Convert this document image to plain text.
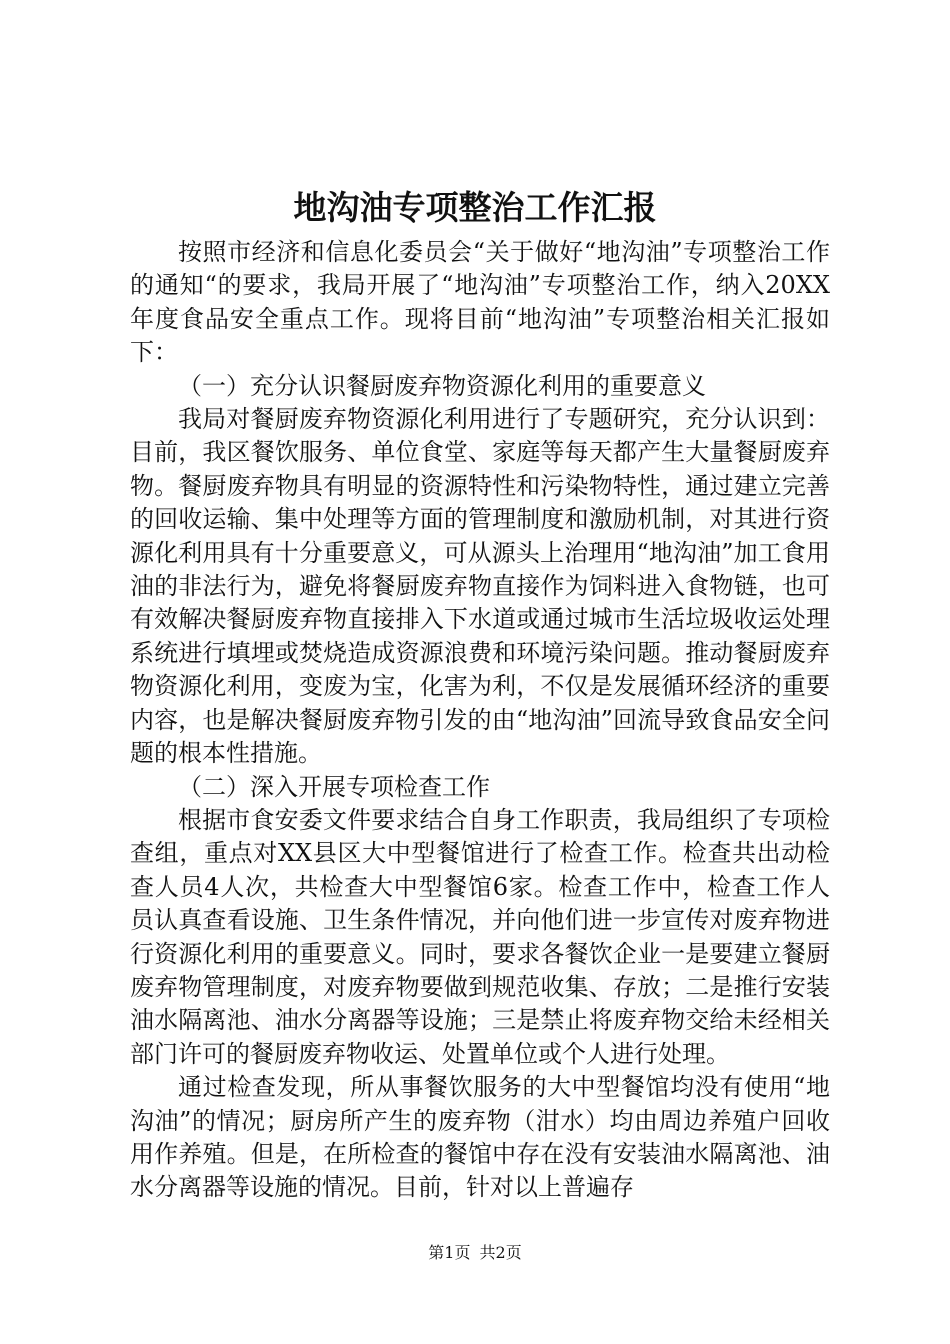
地沟油专项整治工作汇报

按照市经济和信息化委员会“关于做好“地沟油”专项整治工作的通知“的要求，我局开展了“地沟油”专项整治工作，纳入20XX年度食品安全重点工作。现将目前“地沟油”专项整治相关汇报如下：

（一）充分认识餐厨废弃物资源化利用的重要意义

我局对餐厨废弃物资源化利用进行了专题研究，充分认识到：目前，我区餐饮服务、单位食堂、家庭等每天都产生大量餐厨废弃物。餐厨废弃物具有明显的资源特性和污染物特性，通过建立完善的回收运输、集中处理等方面的管理制度和激励机制，对其进行资源化利用具有十分重要意义，可从源头上治理用“地沟油”加工食用油的非法行为，避免将餐厨废弃物直接作为饲料进入食物链，也可有效解决餐厨废弃物直接排入下水道或通过城市生活垃圾收运处理系统进行填埋或焚烧造成资源浪费和环境污染问题。推动餐厨废弃物资源化利用，变废为宝，化害为利，不仅是发展循环经济的重要内容，也是解决餐厨废弃物引发的由“地沟油”回流导致食品安全问题的根本性措施。

（二）深入开展专项检查工作

根据市食安委文件要求结合自身工作职责，我局组织了专项检查组，重点对XX县区大中型餐馆进行了检查工作。检查共出动检查人员4人次，共检查大中型餐馆6家。检查工作中，检查工作人员认真查看设施、卫生条件情况，并向他们进一步宣传对废弃物进行资源化利用的重要意义。同时，要求各餐饮企业一是要建立餐厨废弃物管理制度，对废弃物要做到规范收集、存放；二是推行安装油水隔离池、油水分离器等设施；三是禁止将废弃物交给未经相关部门许可的餐厨废弃物收运、处置单位或个人进行处理。

通过检查发现，所从事餐饮服务的大中型餐馆均没有使用“地沟油”的情况；厨房所产生的废弃物（泔水）均由周边养殖户回收用作养殖。但是，在所检查的餐馆中存在没有安装油水隔离池、油水分离器等设施的情况。目前，针对以上普遍存

第1页 共2页
